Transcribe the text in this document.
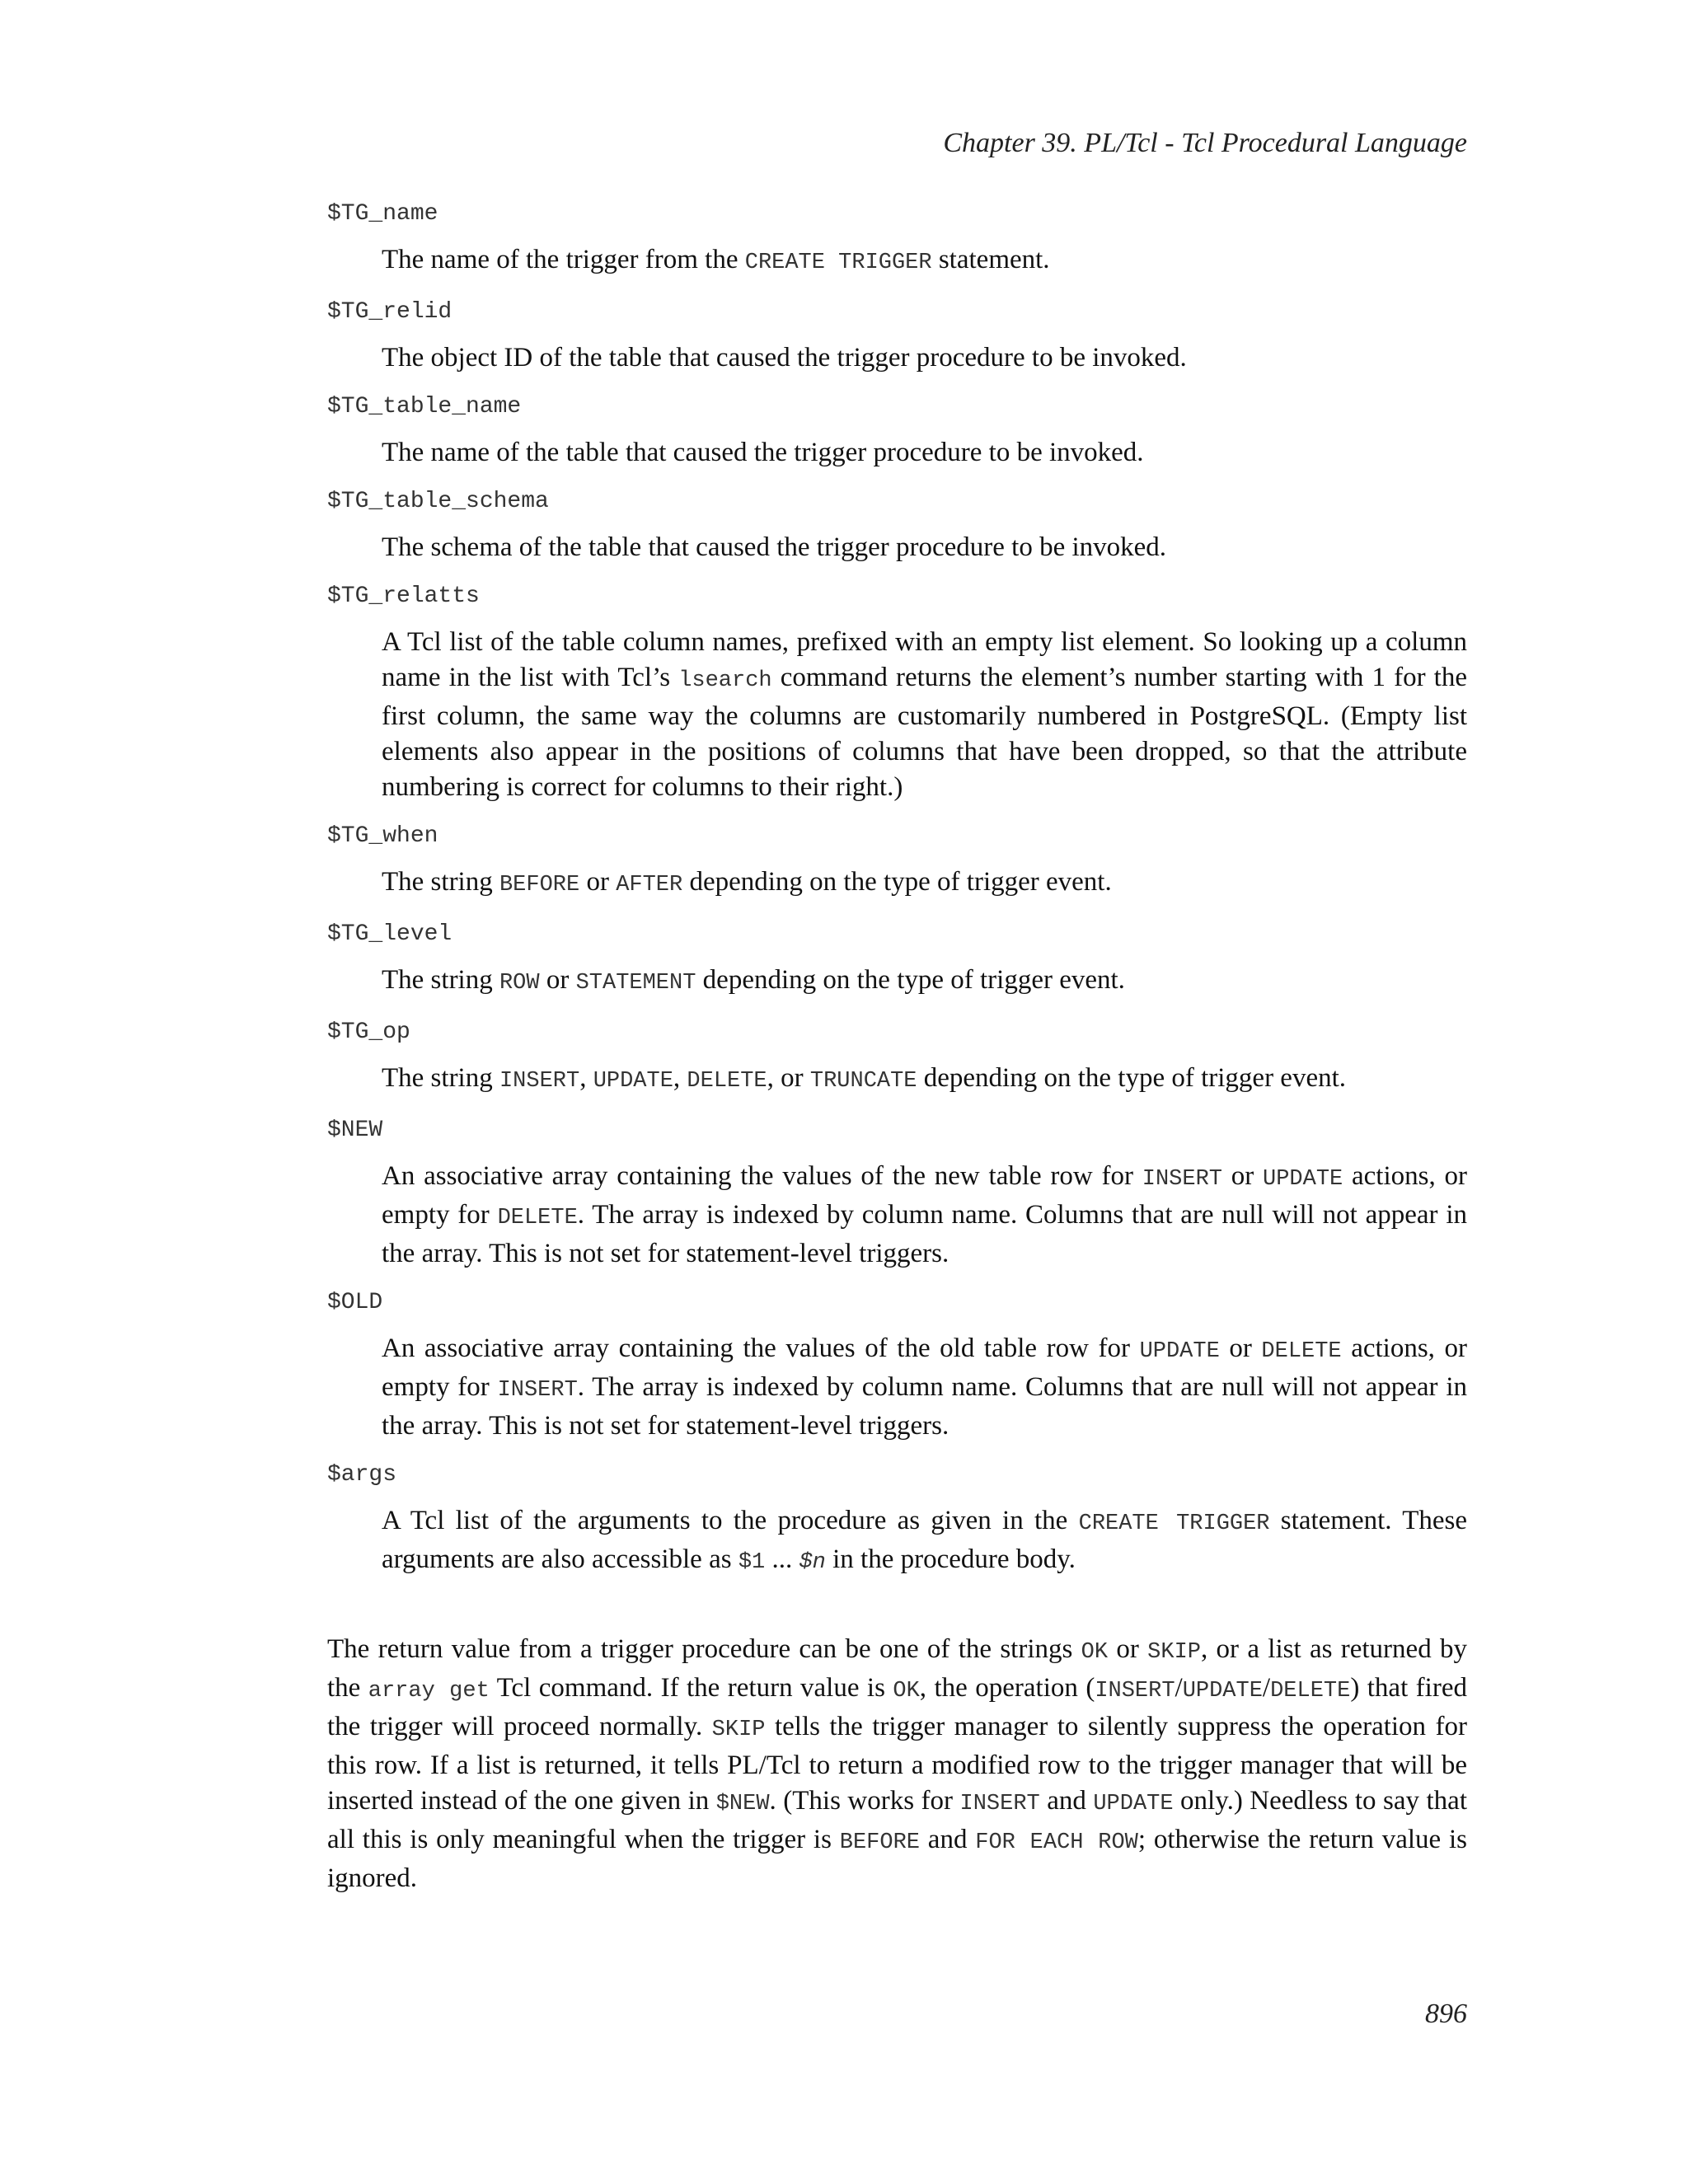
Chapter 39. PL/Tcl - Tcl Procedural Language
$TG_name
The name of the trigger from the CREATE TRIGGER statement.
$TG_relid
The object ID of the table that caused the trigger procedure to be invoked.
$TG_table_name
The name of the table that caused the trigger procedure to be invoked.
$TG_table_schema
The schema of the table that caused the trigger procedure to be invoked.
$TG_relatts
A Tcl list of the table column names, prefixed with an empty list element. So looking up a column name in the list with Tcl’s lsearch command returns the element’s number starting with 1 for the first column, the same way the columns are customarily numbered in PostgreSQL. (Empty list elements also appear in the positions of columns that have been dropped, so that the attribute numbering is correct for columns to their right.)
$TG_when
The string BEFORE or AFTER depending on the type of trigger event.
$TG_level
The string ROW or STATEMENT depending on the type of trigger event.
$TG_op
The string INSERT, UPDATE, DELETE, or TRUNCATE depending on the type of trigger event.
$NEW
An associative array containing the values of the new table row for INSERT or UPDATE actions, or empty for DELETE. The array is indexed by column name. Columns that are null will not appear in the array. This is not set for statement-level triggers.
$OLD
An associative array containing the values of the old table row for UPDATE or DELETE actions, or empty for INSERT. The array is indexed by column name. Columns that are null will not appear in the array. This is not set for statement-level triggers.
$args
A Tcl list of the arguments to the procedure as given in the CREATE TRIGGER statement. These arguments are also accessible as $1 ... $n in the procedure body.
The return value from a trigger procedure can be one of the strings OK or SKIP, or a list as returned by the array get Tcl command. If the return value is OK, the operation (INSERT/UPDATE/DELETE) that fired the trigger will proceed normally. SKIP tells the trigger manager to silently suppress the operation for this row. If a list is returned, it tells PL/Tcl to return a modified row to the trigger manager that will be inserted instead of the one given in $NEW. (This works for INSERT and UPDATE only.) Needless to say that all this is only meaningful when the trigger is BEFORE and FOR EACH ROW; otherwise the return value is ignored.
896
